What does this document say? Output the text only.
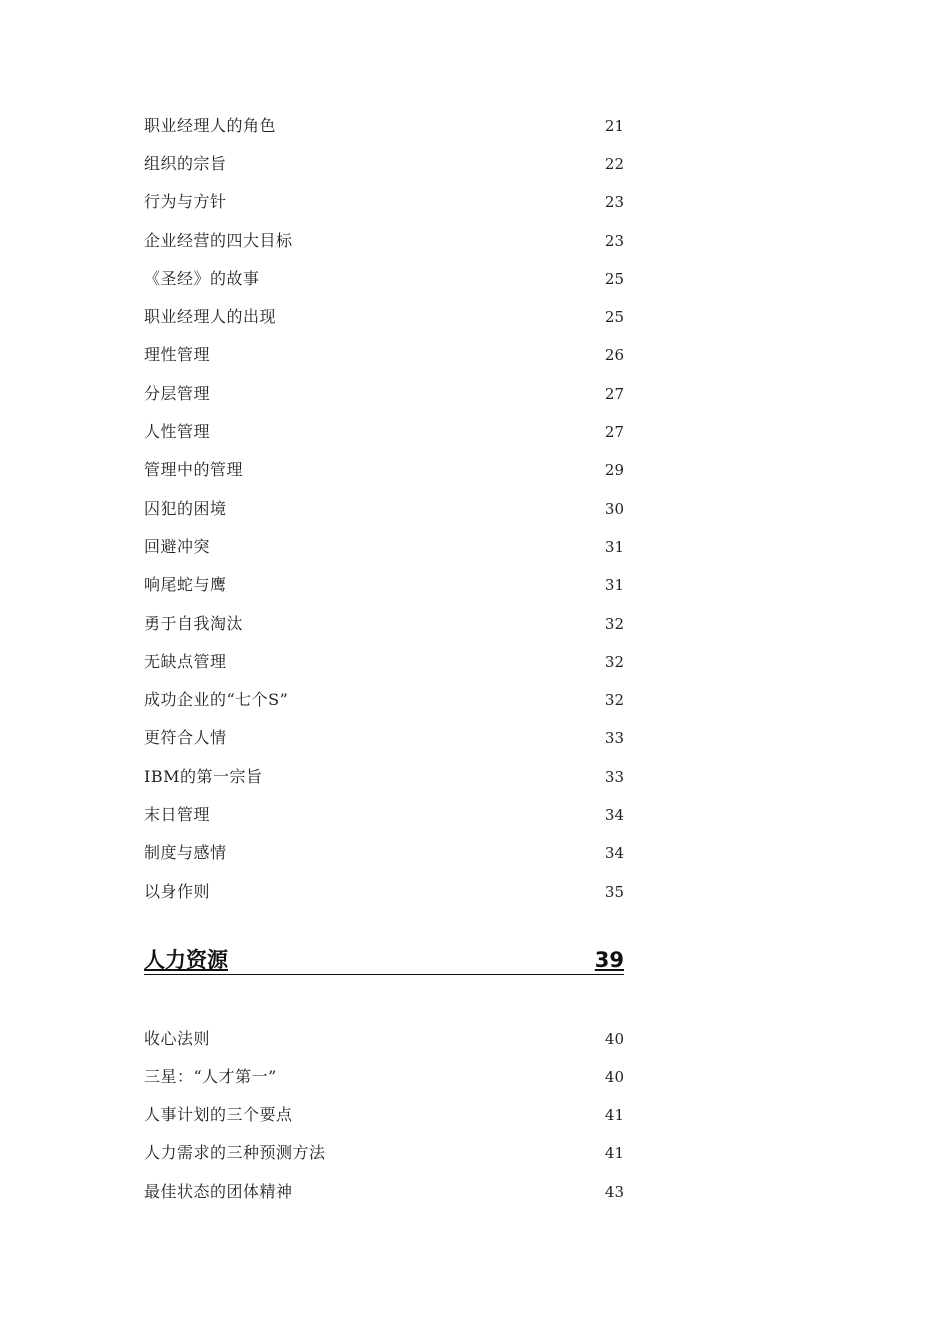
职业经理人的角色	21
组织的宗旨	22
行为与方针	23
企业经营的四大目标	23
《圣经》的故事	25
职业经理人的出现	25
理性管理	26
分层管理	27
人性管理	27
管理中的管理	29
囚犯的困境	30
回避冲突	31
响尾蛇与鹰	31
勇于自我淘汰	32
无缺点管理	32
成功企业的“七个S”	32
更符合人情	33
IBM的第一宗旨	33
末日管理	34
制度与感情	34
以身作则	35
人力资源	39
收心法则	40
三星：“人才第一”	40
人事计划的三个要点	41
人力需求的三种预测方法	41
最佳状态的团体精神	43
